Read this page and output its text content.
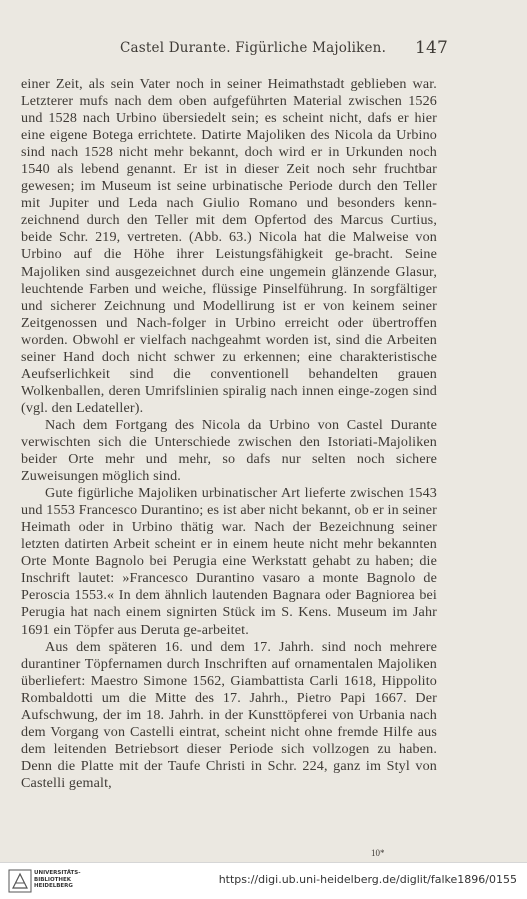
Castel Durante. Figürliche Majoliken. 147

einer Zeit, als sein Vater noch in seiner Heimathstadt geblieben war. Letzterer mufs nach dem oben aufgeführten Material zwischen 1526 und 1528 nach Urbino übersiedelt sein; es scheint nicht, dafs er hier eine eigene Botega errichtete. Datirte Majoliken des Nicola da Urbino sind nach 1528 nicht mehr bekannt, doch wird er in Urkunden noch 1540 als lebend genannt. Er ist in dieser Zeit noch sehr fruchtbar gewesen; im Museum ist seine urbinatische Periode durch den Teller mit Jupiter und Leda nach Giulio Romano und besonders kenn-zeichnend durch den Teller mit dem Opfertod des Marcus Curtius, beide Schr. 219, vertreten. (Abb. 63.) Nicola hat die Malweise von Urbino auf die Höhe ihrer Leistungsfähigkeit ge-bracht. Seine Majoliken sind ausgezeichnet durch eine ungemein glänzende Glasur, leuchtende Farben und weiche, flüssige Pinselführung. In sorgfältiger und sicherer Zeichnung und Modellirung ist er von keinem seiner Zeitgenossen und Nach-folger in Urbino erreicht oder übertroffen worden. Obwohl er vielfach nachgeahmt worden ist, sind die Arbeiten seiner Hand doch nicht schwer zu erkennen; eine charakteristische Aeufserlichkeit sind die conventionell behandelten grauen Wolkenballen, deren Umrifslinien spiralig nach innen einge-zogen sind (vgl. den Ledateller).

Nach dem Fortgang des Nicola da Urbino von Castel Durante verwischten sich die Unterschiede zwischen den Istoriati-Majoliken beider Orte mehr und mehr, so dafs nur selten noch sichere Zuweisungen möglich sind.

Gute figürliche Majoliken urbinatischer Art lieferte zwischen 1543 und 1553 Francesco Durantino; es ist aber nicht bekannt, ob er in seiner Heimath oder in Urbino thätig war. Nach der Bezeichnung seiner letzten datirten Arbeit scheint er in einem heute nicht mehr bekannten Orte Monte Bagnolo bei Perugia eine Werkstatt gehabt zu haben; die Inschrift lautet: »Francesco Durantino vasaro a monte Bagnolo de Peroscia 1553.« In dem ähnlich lautenden Bagnara oder Bagniorea bei Perugia hat nach einem signirten Stück im S. Kens. Museum im Jahr 1691 ein Töpfer aus Deruta ge-arbeitet.

Aus dem späteren 16. und dem 17. Jahrh. sind noch mehrere durantiner Töpfernamen durch Inschriften auf ornamentalen Majoliken überliefert: Maestro Simone 1562, Giambattista Carli 1618, Hippolito Rombaldotti um die Mitte des 17. Jahrh., Pietro Papi 1667. Der Aufschwung, der im 18. Jahrh. in der Kunsttöpferei von Urbania nach dem Vorgang von Castelli eintrat, scheint nicht ohne fremde Hilfe aus dem leitenden Betriebsort dieser Periode sich vollzogen zu haben. Denn die Platte mit der Taufe Christi in Schr. 224, ganz im Styl von Castelli gemalt,

10*
UNIVERSITÄTS-
BIBLIOTHEK
HEIDELBERG	https://digi.ub.uni-heidelberg.de/diglit/falke1896/0155
